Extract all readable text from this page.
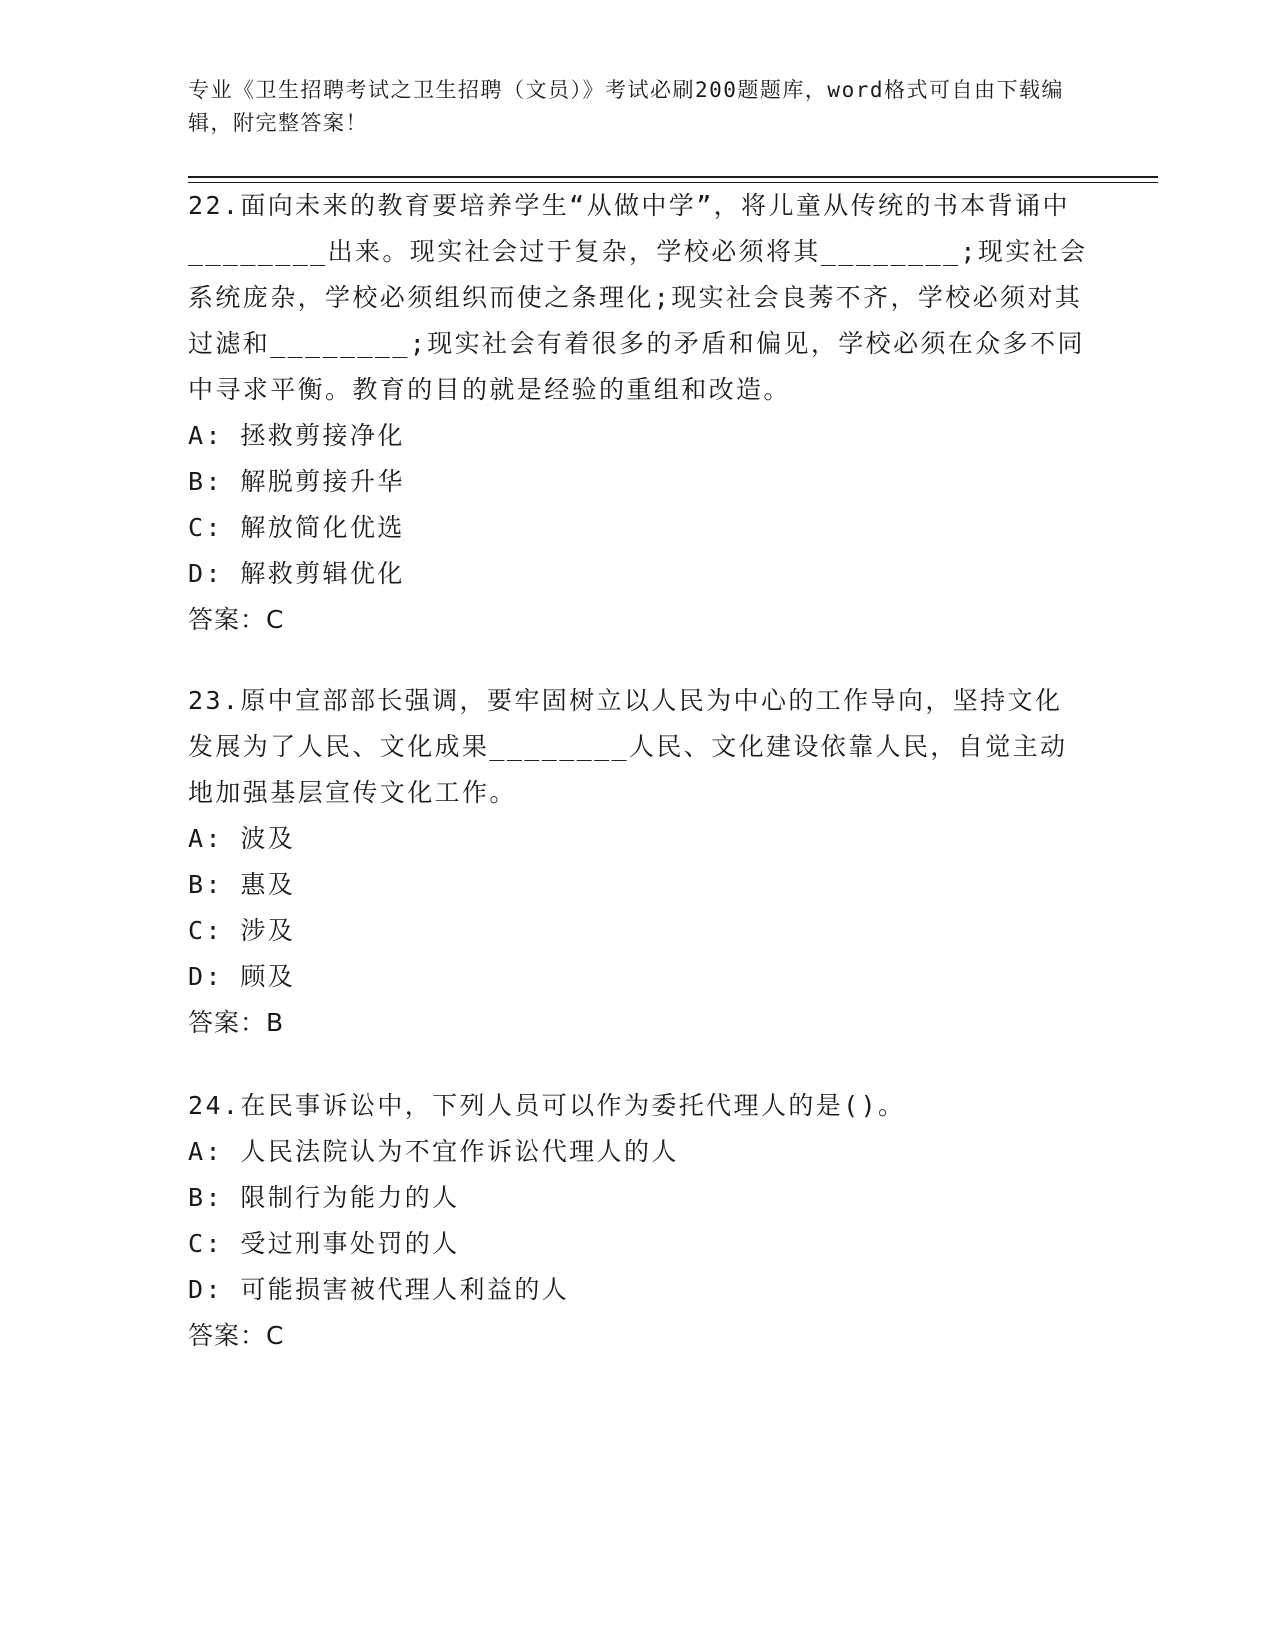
专业《卫生招聘考试之卫生招聘（文员）》考试必刷200题题库，word格式可自由下载编辑，附完整答案！

22.面向未来的教育要培养学生“从做中学”，将儿童从传统的书本背诵中________出来。现实社会过于复杂，学校必须将其________;现实社会系统庞杂，学校必须组织而使之条理化;现实社会良莠不齐，学校必须对其过滤和________;现实社会有着很多的矛盾和偏见，学校必须在众多不同中寻求平衡。教育的目的就是经验的重组和改造。

A: 拯救剪接净化

B: 解脱剪接升华

C: 解放简化优选

D: 解救剪辑优化

答案：C

23.原中宣部部长强调，要牢固树立以人民为中心的工作导向，坚持文化发展为了人民、文化成果________人民、文化建设依靠人民，自觉主动地加强基层宣传文化工作。

A: 波及

B: 惠及

C: 涉及

D: 顾及

答案：B

24.在民事诉讼中，下列人员可以作为委托代理人的是()。

A: 人民法院认为不宜作诉讼代理人的人

B: 限制行为能力的人

C: 受过刑事处罚的人

D: 可能损害被代理人利益的人

答案：C
